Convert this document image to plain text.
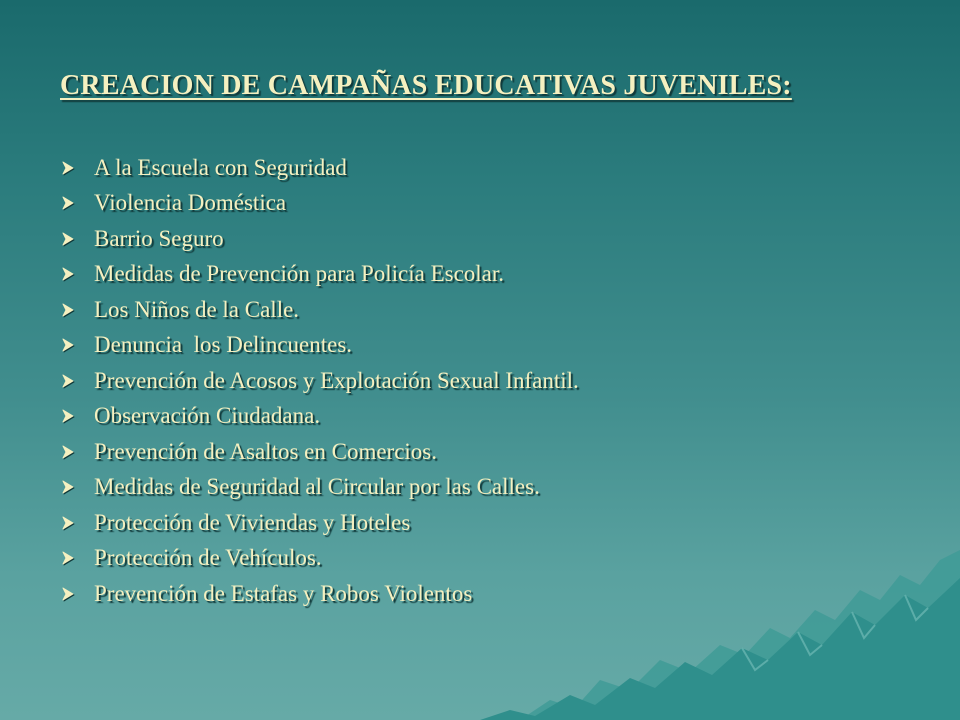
CREACION DE CAMPAÑAS EDUCATIVAS JUVENILES:
A la Escuela con Seguridad
Violencia Doméstica
Barrio Seguro
Medidas de Prevención para Policía Escolar.
Los Niños de la Calle.
Denuncia  los Delincuentes.
Prevención de Acosos y Explotación Sexual Infantil.
Observación Ciudadana.
Prevención de Asaltos en Comercios.
Medidas de Seguridad al Circular por las Calles.
Protección de Viviendas y Hoteles
Protección de Vehículos.
Prevención de Estafas y Robos Violentos
